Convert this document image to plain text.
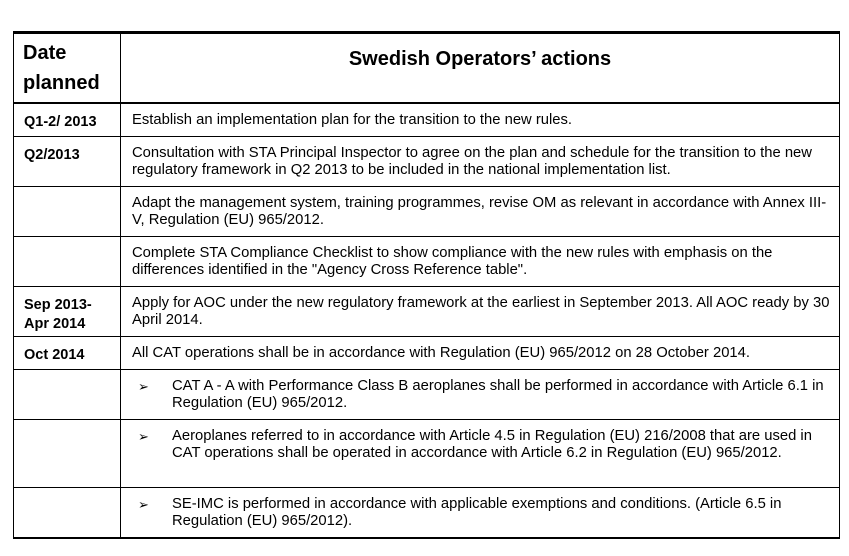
Date planned	Swedish Operators’ actions
Q1-2/ 2013	Establish an implementation plan for the transition to the new rules.
Q2/2013	Consultation with STA Principal Inspector to agree on the plan and schedule for the transition to the new regulatory framework in Q2 2013 to be included in the national implementation list.
	Adapt the management system, training programmes, revise OM as relevant in accordance with Annex III-V, Regulation (EU) 965/2012.
	Complete STA Compliance Checklist to show compliance with the new rules with emphasis on the differences identified in the "Agency Cross Reference table".
Sep 2013-
Apr 2014	Apply for AOC under the new regulatory framework at the earliest in September 2013. All AOC ready by 30 April 2014.
Oct 2014	All CAT operations shall be in accordance with Regulation (EU) 965/2012 on 28 October 2014.

	➢ CAT A - A with Performance Class B aeroplanes shall be performed in accordance with Article 6.1 in Regulation (EU) 965/2012.

	➢ Aeroplanes referred to in accordance with Article 4.5 in Regulation (EU) 216/2008 that are used in CAT operations shall be operated in accordance with Article 6.2 in Regulation (EU) 965/2012.

	➢ SE-IMC is performed in accordance with applicable exemptions and conditions. (Article 6.5 in Regulation (EU) 965/2012).
